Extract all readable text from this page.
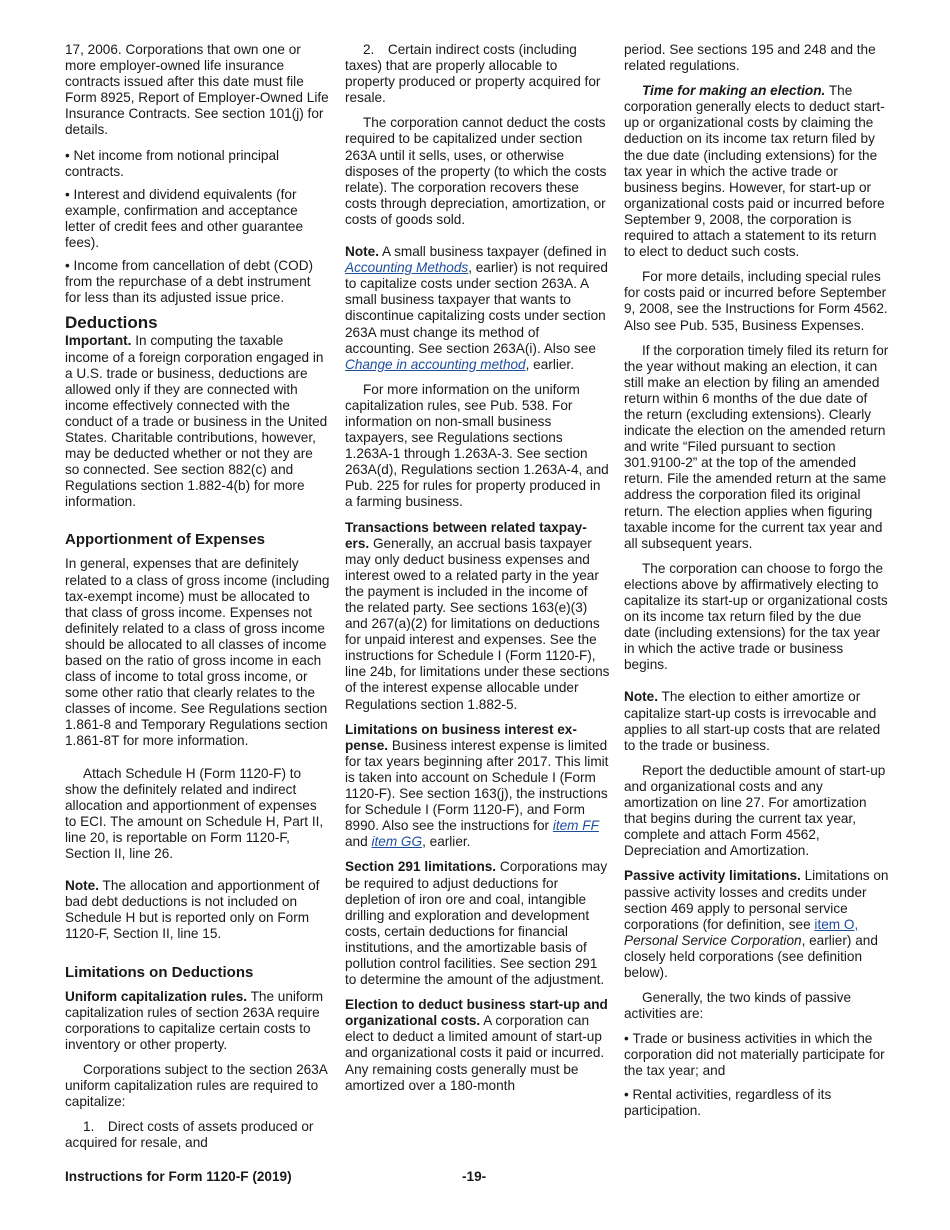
17, 2006. Corporations that own one or more employer-owned life insurance contracts issued after this date must file Form 8925, Report of Employer-Owned Life Insurance Contracts. See section 101(j) for details.

• Net income from notional principal contracts.

• Interest and dividend equivalents (for example, confirmation and acceptance letter of credit fees and other guarantee fees).

• Income from cancellation of debt (COD) from the repurchase of a debt instrument for less than its adjusted issue price.

Deductions

Important. In computing the taxable income of a foreign corporation engaged in a U.S. trade or business, deductions are allowed only if they are connected with income effectively connected with the conduct of a trade or business in the United States. Charitable contributions, however, may be deducted whether or not they are so connected. See section 882(c) and Regulations section 1.882-4(b) for more information.

Apportionment of Expenses

In general, expenses that are definitely related to a class of gross income (including tax-exempt income) must be allocated to that class of gross income. Expenses not definitely related to a class of gross income should be allocated to all classes of income based on the ratio of gross income in each class of income to total gross income, or some other ratio that clearly relates to the classes of income. See Regulations section 1.861-8 and Temporary Regulations section 1.861-8T for more information.

Attach Schedule H (Form 1120-F) to show the definitely related and indirect allocation and apportionment of expenses to ECI. The amount on Schedule H, Part II, line 20, is reportable on Form 1120-F, Section II, line 26.

Note. The allocation and apportionment of bad debt deductions is not included on Schedule H but is reported only on Form 1120-F, Section II, line 15.

Limitations on Deductions

Uniform capitalization rules. The uniform capitalization rules of section 263A require corporations to capitalize certain costs to inventory or other property.

Corporations subject to the section 263A uniform capitalization rules are required to capitalize:

1. Direct costs of assets produced or acquired for resale, and

2. Certain indirect costs (including taxes) that are properly allocable to property produced or property acquired for resale.

The corporation cannot deduct the costs required to be capitalized under section 263A until it sells, uses, or otherwise disposes of the property (to which the costs relate). The corporation recovers these costs through depreciation, amortization, or costs of goods sold.

Note. A small business taxpayer (defined in Accounting Methods, earlier) is not required to capitalize costs under section 263A. A small business taxpayer that wants to discontinue capitalizing costs under section 263A must change its method of accounting. See section 263A(i). Also see Change in accounting method, earlier.

For more information on the uniform capitalization rules, see Pub. 538. For information on non-small business taxpayers, see Regulations sections 1.263A-1 through 1.263A-3. See section 263A(d), Regulations section 1.263A-4, and Pub. 225 for rules for property produced in a farming business.

Transactions between related taxpay-ers. Generally, an accrual basis taxpayer may only deduct business expenses and interest owed to a related party in the year the payment is included in the income of the related party. See sections 163(e)(3) and 267(a)(2) for limitations on deductions for unpaid interest and expenses. See the instructions for Schedule I (Form 1120-F), line 24b, for limitations under these sections of the interest expense allocable under Regulations section 1.882-5.

Limitations on business interest ex-pense. Business interest expense is limited for tax years beginning after 2017. This limit is taken into account on Schedule I (Form 1120-F). See section 163(j), the instructions for Schedule I (Form 1120-F), and Form 8990. Also see the instructions for item FF and item GG, earlier.

Section 291 limitations. Corporations may be required to adjust deductions for depletion of iron ore and coal, intangible drilling and exploration and development costs, certain deductions for financial institutions, and the amortizable basis of pollution control facilities. See section 291 to determine the amount of the adjustment.

Election to deduct business start-up and organizational costs. A corporation can elect to deduct a limited amount of start-up and organizational costs it paid or incurred. Any remaining costs generally must be amortized over a 180-month

period. See sections 195 and 248 and the related regulations.

Time for making an election. The corporation generally elects to deduct start-up or organizational costs by claiming the deduction on its income tax return filed by the due date (including extensions) for the tax year in which the active trade or business begins. However, for start-up or organizational costs paid or incurred before September 9, 2008, the corporation is required to attach a statement to its return to elect to deduct such costs.

For more details, including special rules for costs paid or incurred before September 9, 2008, see the Instructions for Form 4562. Also see Pub. 535, Business Expenses.

If the corporation timely filed its return for the year without making an election, it can still make an election by filing an amended return within 6 months of the due date of the return (excluding extensions). Clearly indicate the election on the amended return and write “Filed pursuant to section 301.9100-2” at the top of the amended return. File the amended return at the same address the corporation filed its original return. The election applies when figuring taxable income for the current tax year and all subsequent years.

The corporation can choose to forgo the elections above by affirmatively electing to capitalize its start-up or organizational costs on its income tax return filed by the due date (including extensions) for the tax year in which the active trade or business begins.

Note. The election to either amortize or capitalize start-up costs is irrevocable and applies to all start-up costs that are related to the trade or business.

Report the deductible amount of start-up and organizational costs and any amortization on line 27. For amortization that begins during the current tax year, complete and attach Form 4562, Depreciation and Amortization.

Passive activity limitations. Limitations on passive activity losses and credits under section 469 apply to personal service corporations (for definition, see item O, Personal Service Corporation, earlier) and closely held corporations (see definition below).

Generally, the two kinds of passive activities are:

• Trade or business activities in which the corporation did not materially participate for the tax year; and

• Rental activities, regardless of its participation.

Instructions for Form 1120-F (2019)	-19-
